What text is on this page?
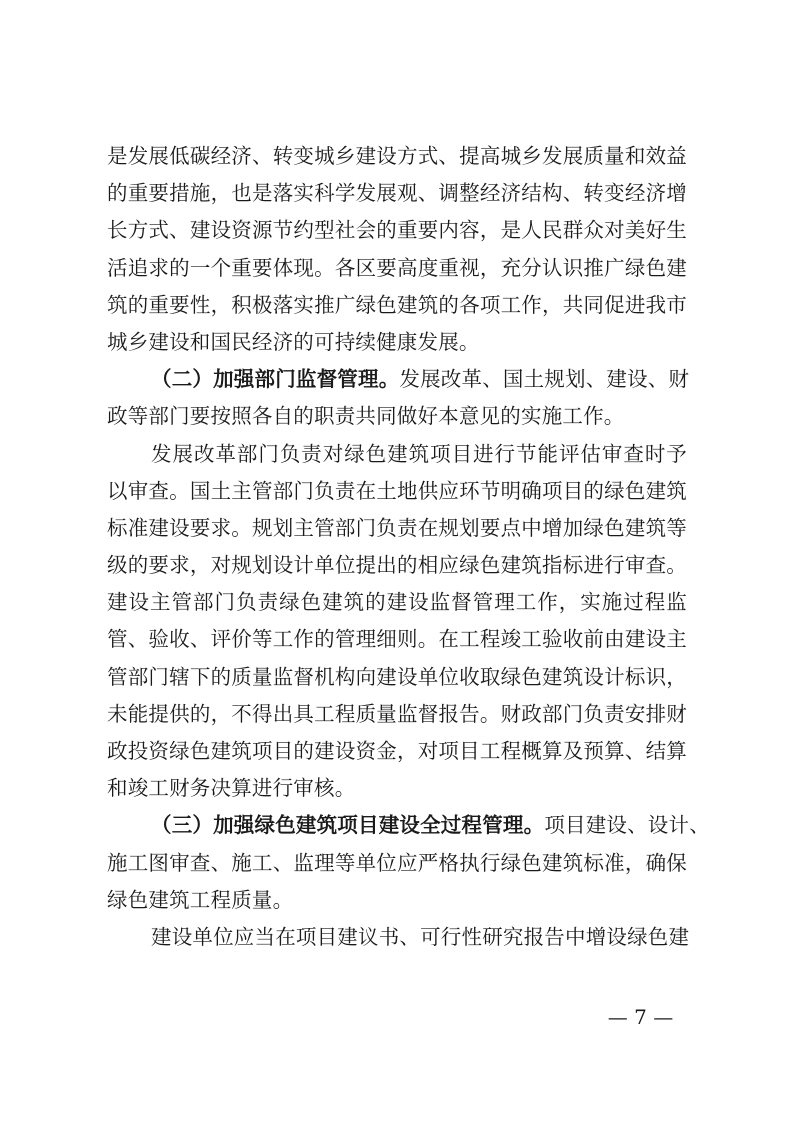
是发展低碳经济、转变城乡建设方式、提高城乡发展质量和效益
的重要措施，也是落实科学发展观、调整经济结构、转变经济增
长方式、建设资源节约型社会的重要内容，是人民群众对美好生
活追求的一个重要体现。各区要高度重视，充分认识推广绿色建
筑的重要性，积极落实推广绿色建筑的各项工作，共同促进我市
城乡建设和国民经济的可持续健康发展。
（二）加强部门监督管理。发展改革、国土规划、建设、财
政等部门要按照各自的职责共同做好本意见的实施工作。
发展改革部门负责对绿色建筑项目进行节能评估审查时予
以审查。国土主管部门负责在土地供应环节明确项目的绿色建筑
标准建设要求。规划主管部门负责在规划要点中增加绿色建筑等
级的要求，对规划设计单位提出的相应绿色建筑指标进行审查。
建设主管部门负责绿色建筑的建设监督管理工作，实施过程监
管、验收、评价等工作的管理细则。在工程竣工验收前由建设主
管部门辖下的质量监督机构向建设单位收取绿色建筑设计标识，
未能提供的，不得出具工程质量监督报告。财政部门负责安排财
政投资绿色建筑项目的建设资金，对项目工程概算及预算、结算
和竣工财务决算进行审核。
（三）加强绿色建筑项目建设全过程管理。项目建设、设计、
施工图审查、施工、监理等单位应严格执行绿色建筑标准，确保
绿色建筑工程质量。
建设单位应当在项目建议书、可行性研究报告中增设绿色建
— 7 —
